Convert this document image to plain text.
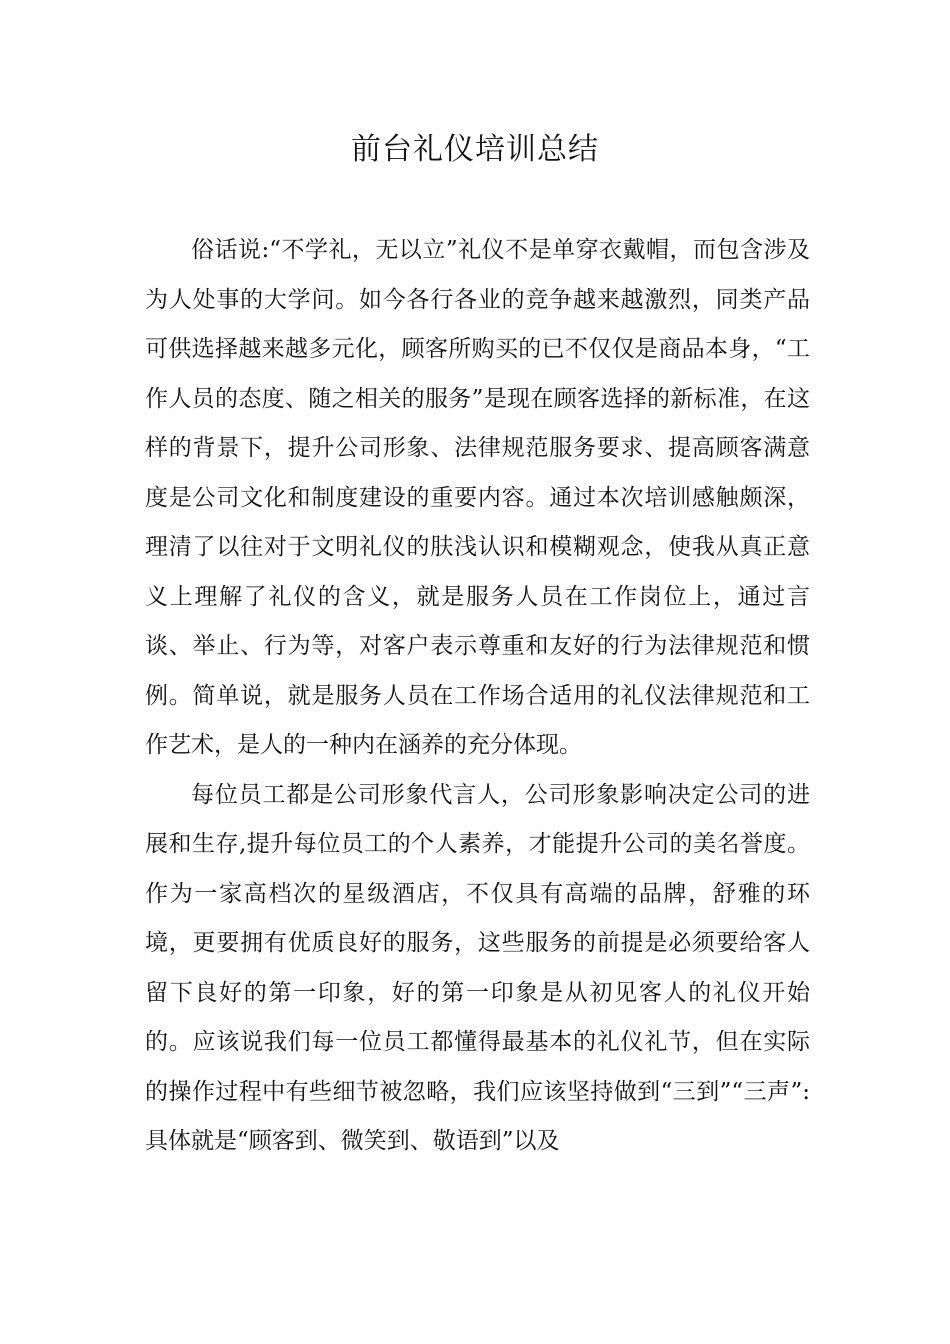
前台礼仪培训总结

俗话说:“不学礼，无以立”礼仪不是单穿衣戴帽，而包含涉及为人处事的大学问。如今各行各业的竞争越来越激烈，同类产品可供选择越来越多元化，顾客所购买的已不仅仅是商品本身，“工作人员的态度、随之相关的服务”是现在顾客选择的新标准，在这样的背景下，提升公司形象、法律规范服务要求、提高顾客满意度是公司文化和制度建设的重要内容。通过本次培训感触颇深，理清了以往对于文明礼仪的肤浅认识和模糊观念，使我从真正意义上理解了礼仪的含义，就是服务人员在工作岗位上，通过言谈、举止、行为等，对客户表示尊重和友好的行为法律规范和惯例。简单说，就是服务人员在工作场合适用的礼仪法律规范和工作艺术，是人的一种内在涵养的充分体现。

每位员工都是公司形象代言人，公司形象影响决定公司的进展和生存,提升每位员工的个人素养，才能提升公司的美名誉度。作为一家高档次的星级酒店，不仅具有高端的品牌，舒雅的环境，更要拥有优质良好的服务，这些服务的前提是必须要给客人留下良好的第一印象，好的第一印象是从初见客人的礼仪开始的。应该说我们每一位员工都懂得最基本的礼仪礼节，但在实际的操作过程中有些细节被忽略，我们应该坚持做到“三到”“三声”:具体就是“顾客到、微笑到、敬语到”以及
